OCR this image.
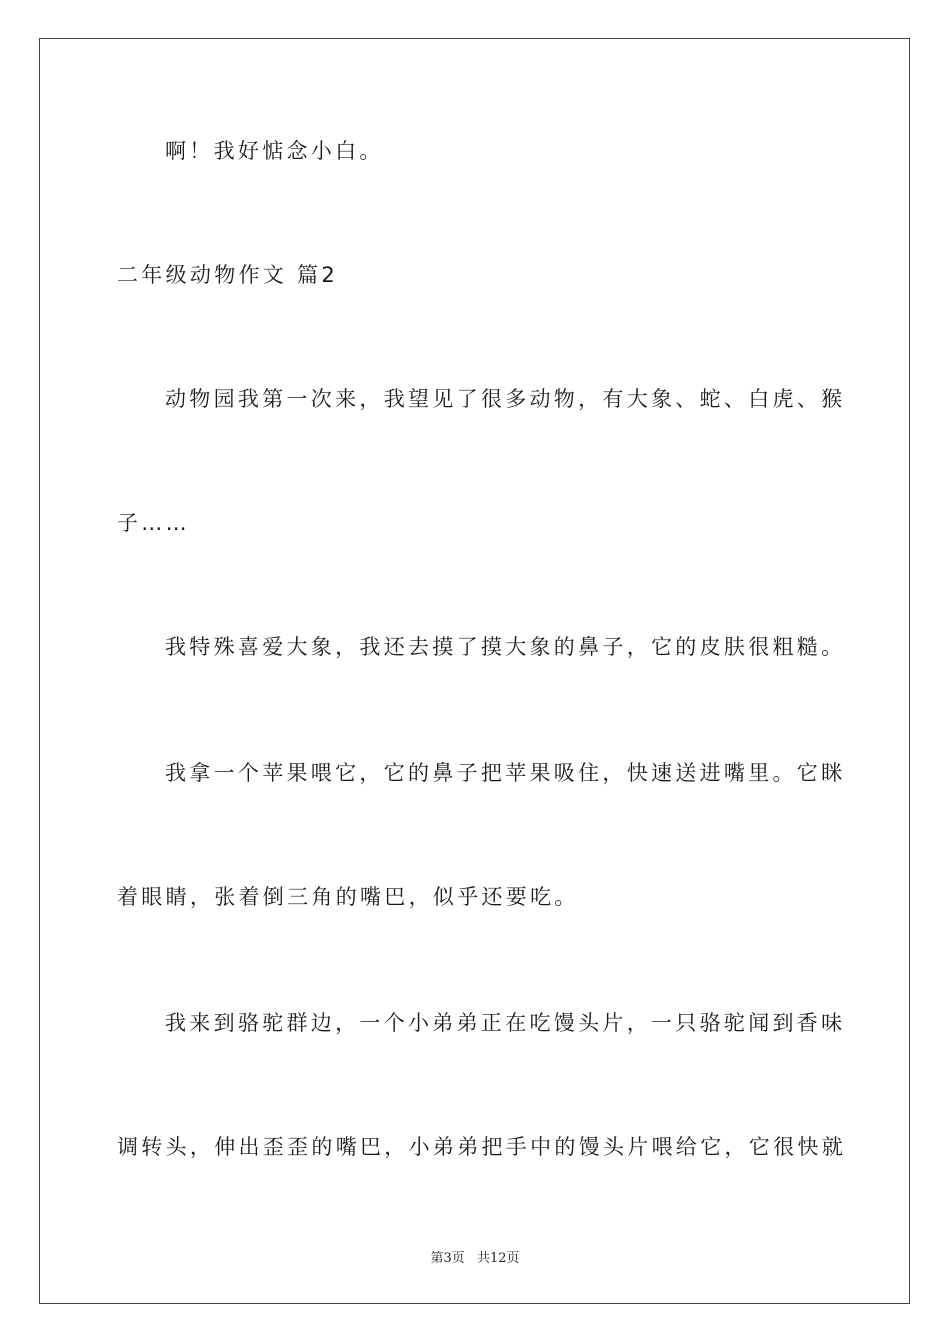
啊！我好惦念小白。
二年级动物作文 篇2
动物园我第一次来，我望见了很多动物，有大象、蛇、白虎、猴
子……
我特殊喜爱大象，我还去摸了摸大象的鼻子，它的皮肤很粗糙。
我拿一个苹果喂它，它的鼻子把苹果吸住，快速送进嘴里。它眯
着眼睛，张着倒三角的嘴巴，似乎还要吃。
我来到骆驼群边，一个小弟弟正在吃馒头片，一只骆驼闻到香味
调转头，伸出歪歪的嘴巴，小弟弟把手中的馒头片喂给它，它很快就
第3页 共12页
